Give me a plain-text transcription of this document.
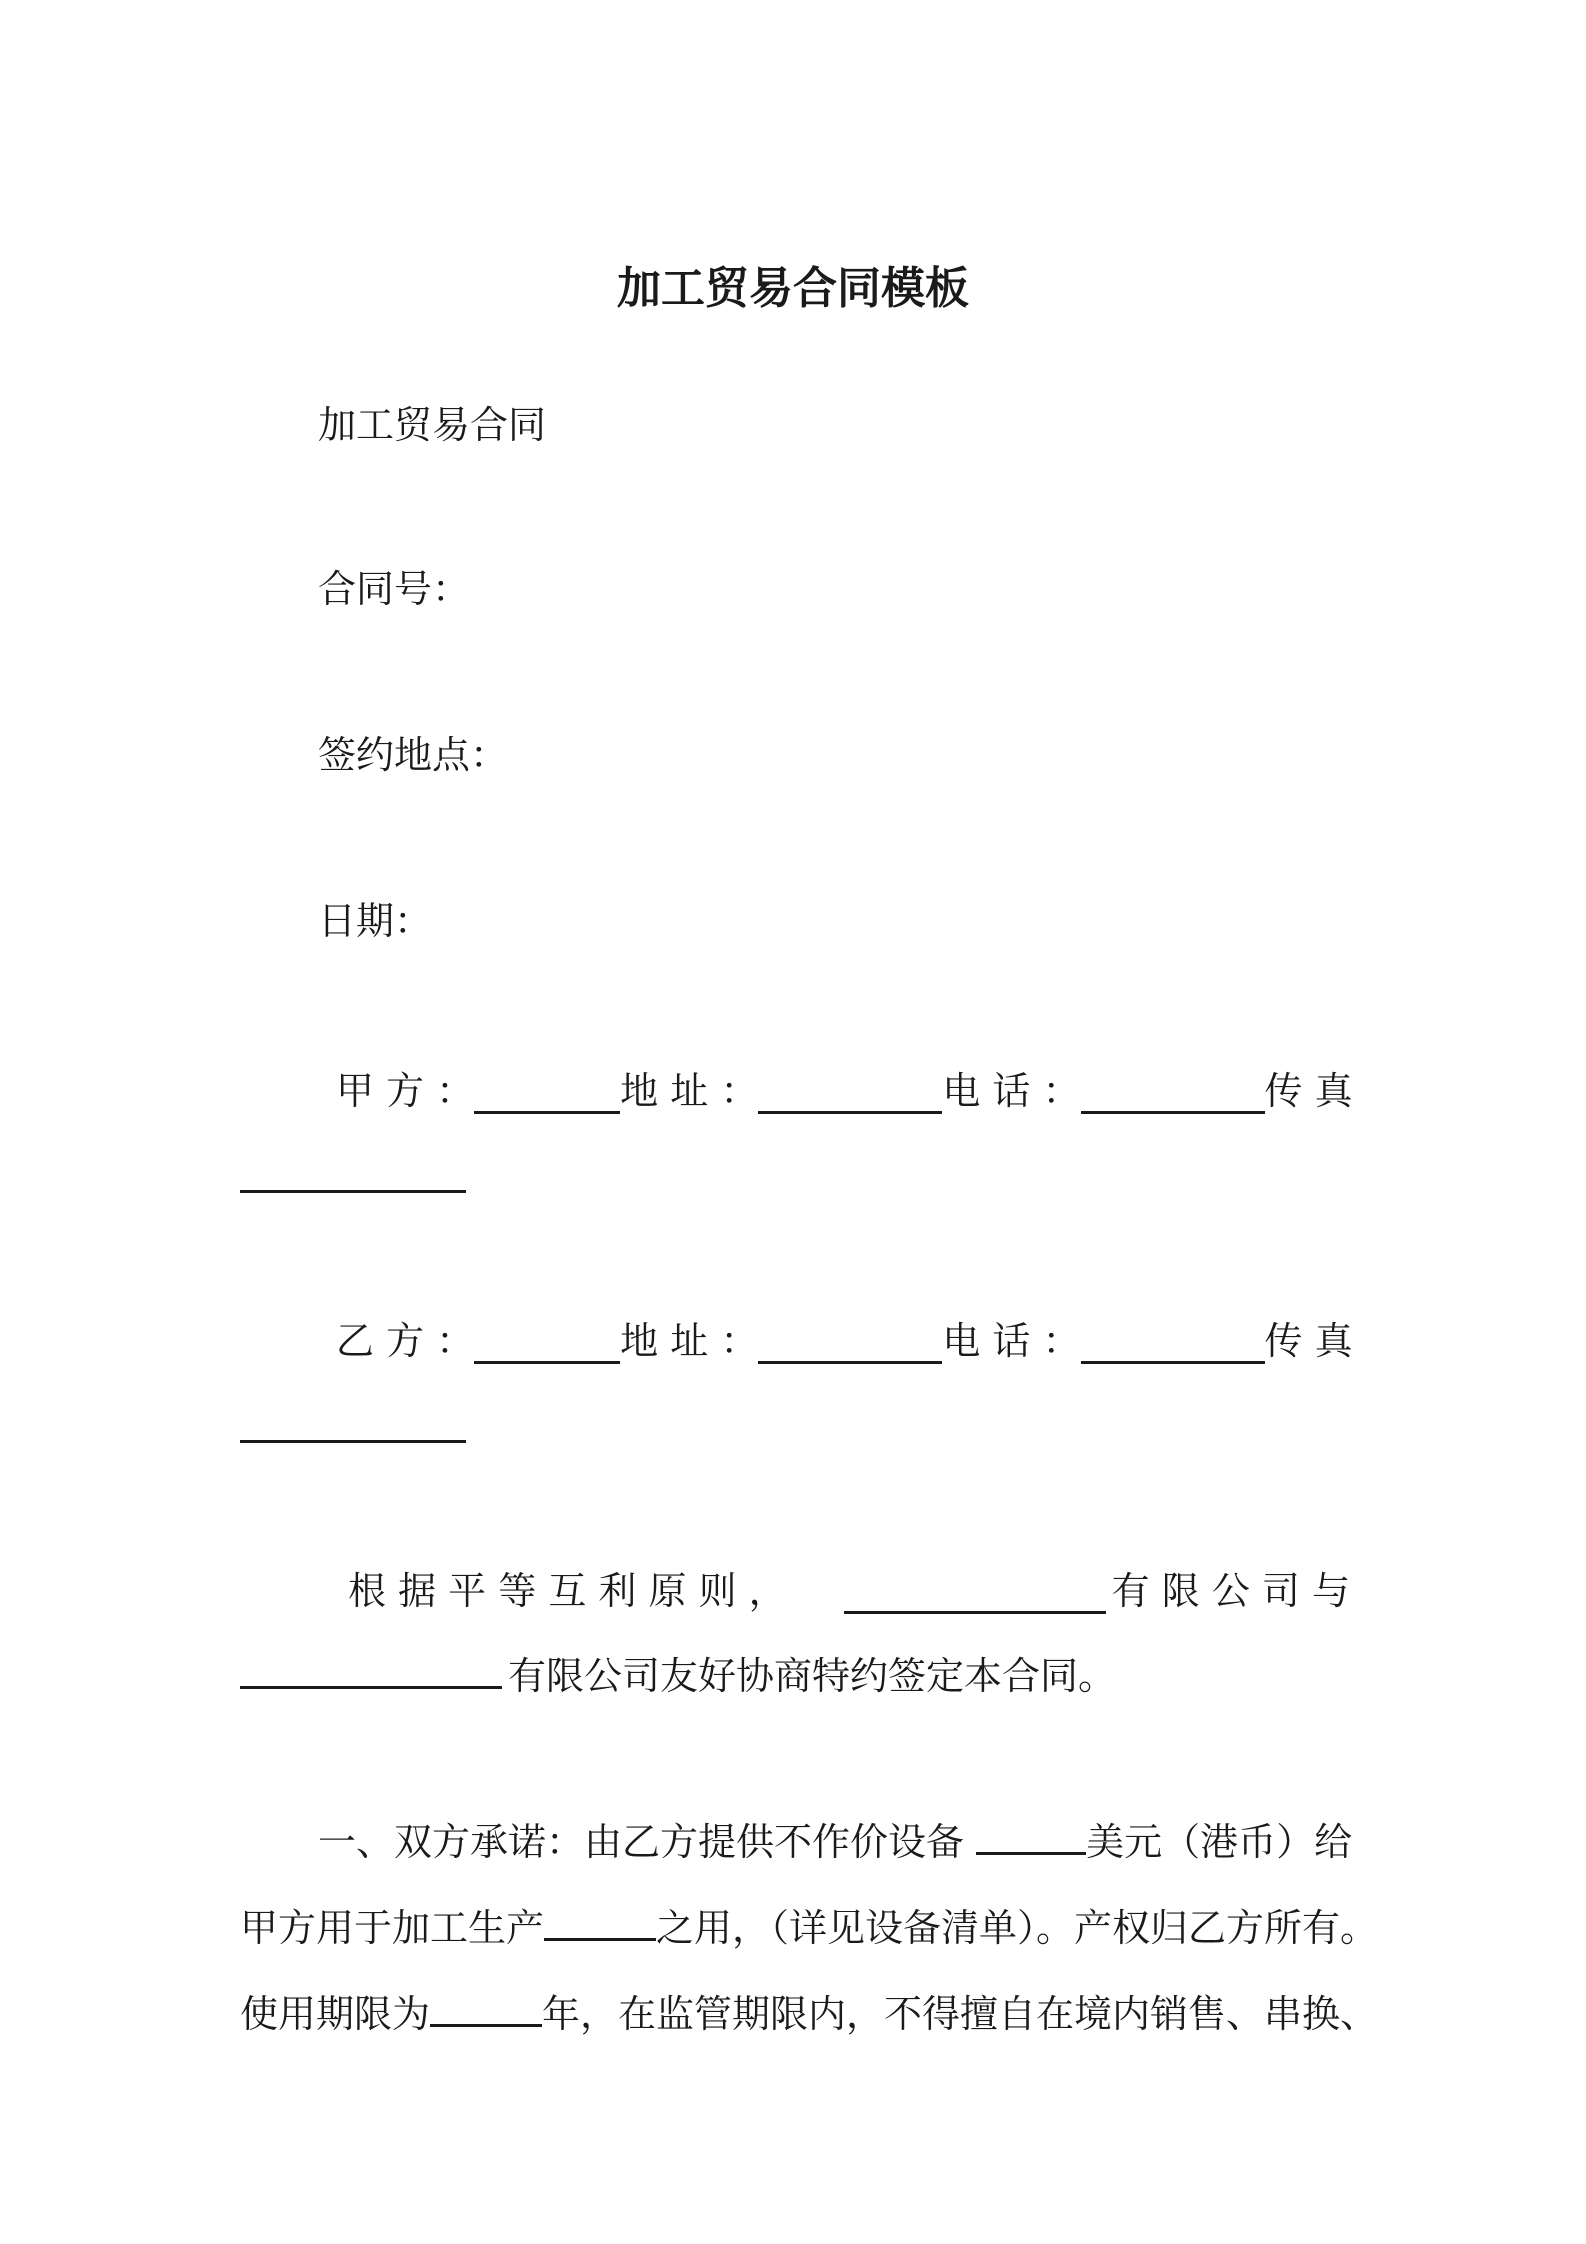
加工贸易合同模板
加工贸易合同
合同号：
签约地点：
日期：
甲 方 ：	地 址 ：	电 话 ：	传 真
乙 方 ：	地 址 ：	电 话 ：	传 真
根 据 平 等 互 利 原 则 ，	有 限 公 司 与
有限公司友好协商特约签定本合同。
一、双方承诺：由乙方提供不作价设备	美元（港币）给
甲方用于加工生产	之用，（详见设备清单）。产权归乙方所有。
使用期限为	年，在监管期限内，不得擅自在境内销售、串换、
